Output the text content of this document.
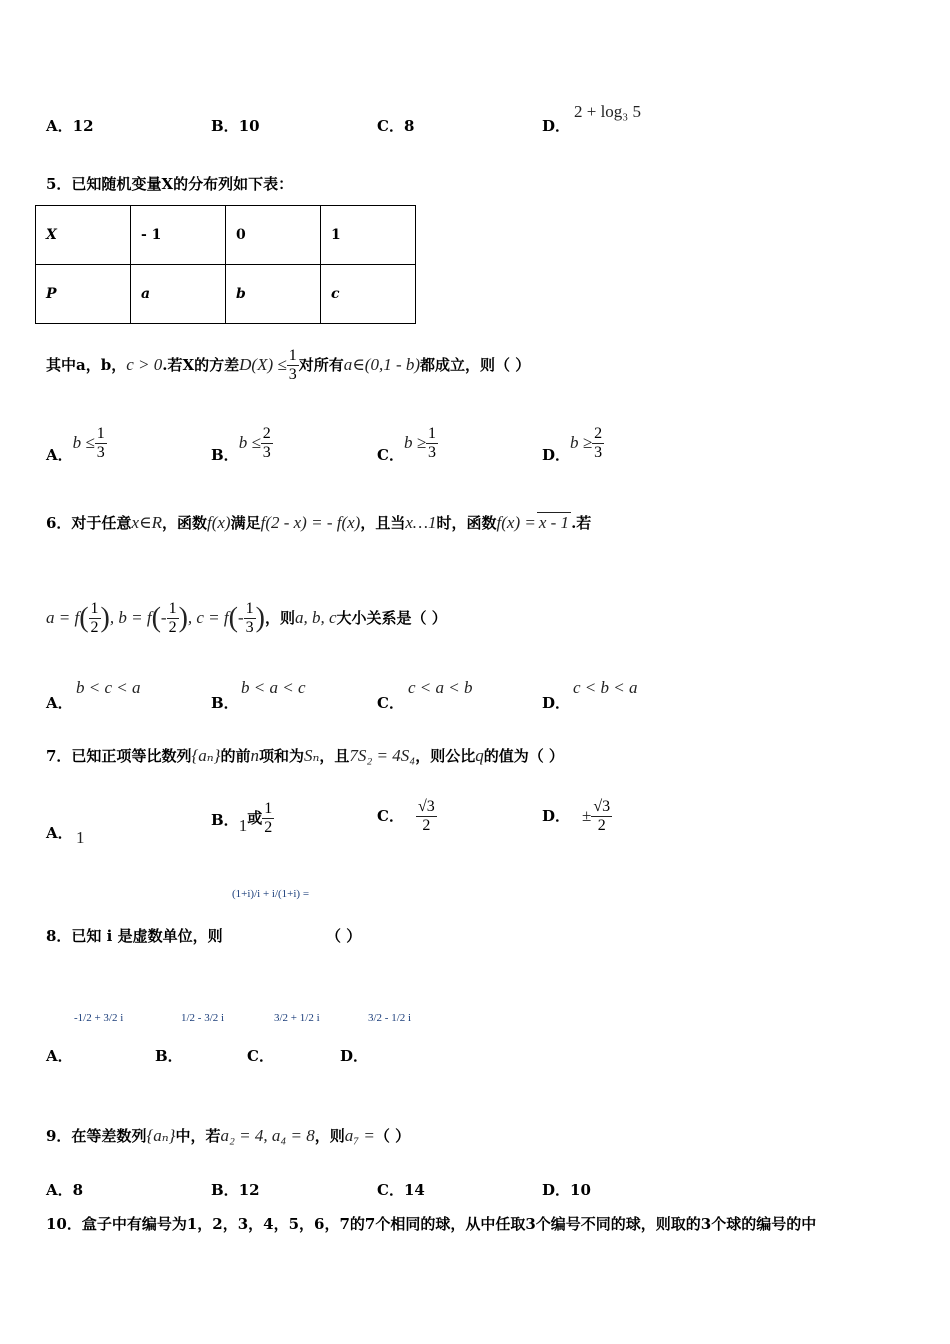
A．12	B．10	C．8	D．
2 + log₃ 5
5．已知随机变量X的分布列如下表：
X	- 1	0	1
P	a	b	c
其中a，b，c > 0.若X的方差$D(X) \le \frac{1}{3}$ 对所有a∈(0,1 - b)都成立，则（ ）
A．$b \le \frac{1}{3}$	B．$b \le \frac{2}{3}$	C．$b \ge \frac{1}{3}$	D．$b \ge \frac{2}{3}$
6．对于任意x∈R，函数f(x)满足f(2 - x) = - f(x)，且当x…1时，函数f(x) = x - 1 .若
$a = f( \frac{1}{2}$ ), $b = f(- \frac{1}{2}$ ), $c = f(- \frac{1}{3}$ )，则a, b, c大小关系是（ ）
A．
b < c < a
B．
b < a < c
C．
c < a < b
D．
c < b < a
7．已知正项等比数列{aₙ}的前n项和为Sₙ，且7S₂ = 4S₄，则公比q的值为（ ）
A． 1
B．1或 $\frac{1}{2}$	C． $\frac{√3}{2}$	D． ± $\frac{√3}{2}$
(1+i)/i + i/(1+i) =
8．已知 i 是虚数单位，则	（ ）
-1/2 + 3/2 i	1/2 - 3/2 i	3/2 + 1/2 i	3/2 - 1/2 i
A．	B．	C．	D．
9．在等差数列{aₙ}中，若a₂ = 4, a₄ = 8，则a₇ =（ ）
A．8	B．12	C．14	D．10
10．盒子中有编号为1，2，3，4，5，6，7的7个相同的球，从中任取3个编号不同的球，则取的3个球的编号的中
